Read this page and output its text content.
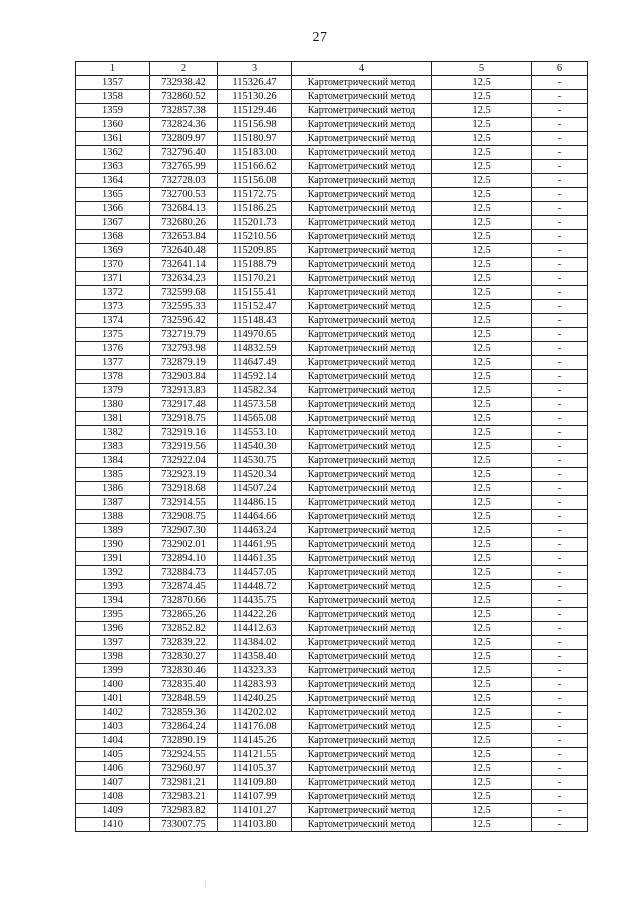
27
1	2	3	4	5	6
1357	732938.42	115326.47	Картометрический метод	12.5	-
1358	732860.52	115130.26	Картометрический метод	12.5	-
1359	732857.38	115129.46	Картометрический метод	12.5	-
1360	732824.36	115156.98	Картометрический метод	12.5	-
1361	732809.97	115180.97	Картометрический метод	12.5	-
1362	732796.40	115183.00	Картометрический метод	12.5	-
1363	732765.99	115166.62	Картометрический метод	12.5	-
1364	732728.03	115156.08	Картометрический метод	12.5	-
1365	732700.53	115172.75	Картометрический метод	12.5	-
1366	732684.13	115186.25	Картометрический метод	12.5	-
1367	732680.26	115201.73	Картометрический метод	12.5	-
1368	732653.84	115210.56	Картометрический метод	12.5	-
1369	732640.48	115209.85	Картометрический метод	12.5	-
1370	732641.14	115188.79	Картометрический метод	12.5	-
1371	732634.23	115170.21	Картометрический метод	12.5	-
1372	732599.68	115155.41	Картометрический метод	12.5	-
1373	732595.33	115152.47	Картометрический метод	12.5	-
1374	732596.42	115148.43	Картометрический метод	12.5	-
1375	732719.79	114970.65	Картометрический метод	12.5	-
1376	732793.98	114832.59	Картометрический метод	12.5	-
1377	732879.19	114647.49	Картометрический метод	12.5	-
1378	732903.84	114592.14	Картометрический метод	12.5	-
1379	732913.83	114582.34	Картометрический метод	12.5	-
1380	732917.48	114573.58	Картометрический метод	12.5	-
1381	732918.75	114565.08	Картометрический метод	12.5	-
1382	732919.16	114553.10	Картометрический метод	12.5	-
1383	732919.56	114540.30	Картометрический метод	12.5	-
1384	732922.04	114530.75	Картометрический метод	12.5	-
1385	732923.19	114520.34	Картометрический метод	12.5	-
1386	732918.68	114507.24	Картометрический метод	12.5	-
1387	732914.55	114486.15	Картометрический метод	12.5	-
1388	732908.75	114464.66	Картометрический метод	12.5	-
1389	732907.30	114463.24	Картометрический метод	12.5	-
1390	732902.01	114461.95	Картометрический метод	12.5	-
1391	732894.10	114461.35	Картометрический метод	12.5	-
1392	732884.73	114457.05	Картометрический метод	12.5	-
1393	732874.45	114448.72	Картометрический метод	12.5	-
1394	732870.66	114435.75	Картометрический метод	12.5	-
1395	732865.26	114422.26	Картометрический метод	12.5	-
1396	732852.82	114412.63	Картометрический метод	12.5	-
1397	732839.22	114384.02	Картометрический метод	12.5	-
1398	732830.27	114358.40	Картометрический метод	12.5	-
1399	732830.46	114323.33	Картометрический метод	12.5	-
1400	732835.40	114283.93	Картометрический метод	12.5	-
1401	732848.59	114240.25	Картометрический метод	12.5	-
1402	732859.36	114202.02	Картометрический метод	12.5	-
1403	732864.24	114176.08	Картометрический метод	12.5	-
1404	732890.19	114145.26	Картометрический метод	12.5	-
1405	732924.55	114121.55	Картометрический метод	12.5	-
1406	732960.97	114105.37	Картометрический метод	12.5	-
1407	732981.21	114109.80	Картометрический метод	12.5	-
1408	732983.21	114107.99	Картометрический метод	12.5	-
1409	732983.82	114101.27	Картометрический метод	12.5	-
1410	733007.75	114103.80	Картометрический метод	12.5	-
